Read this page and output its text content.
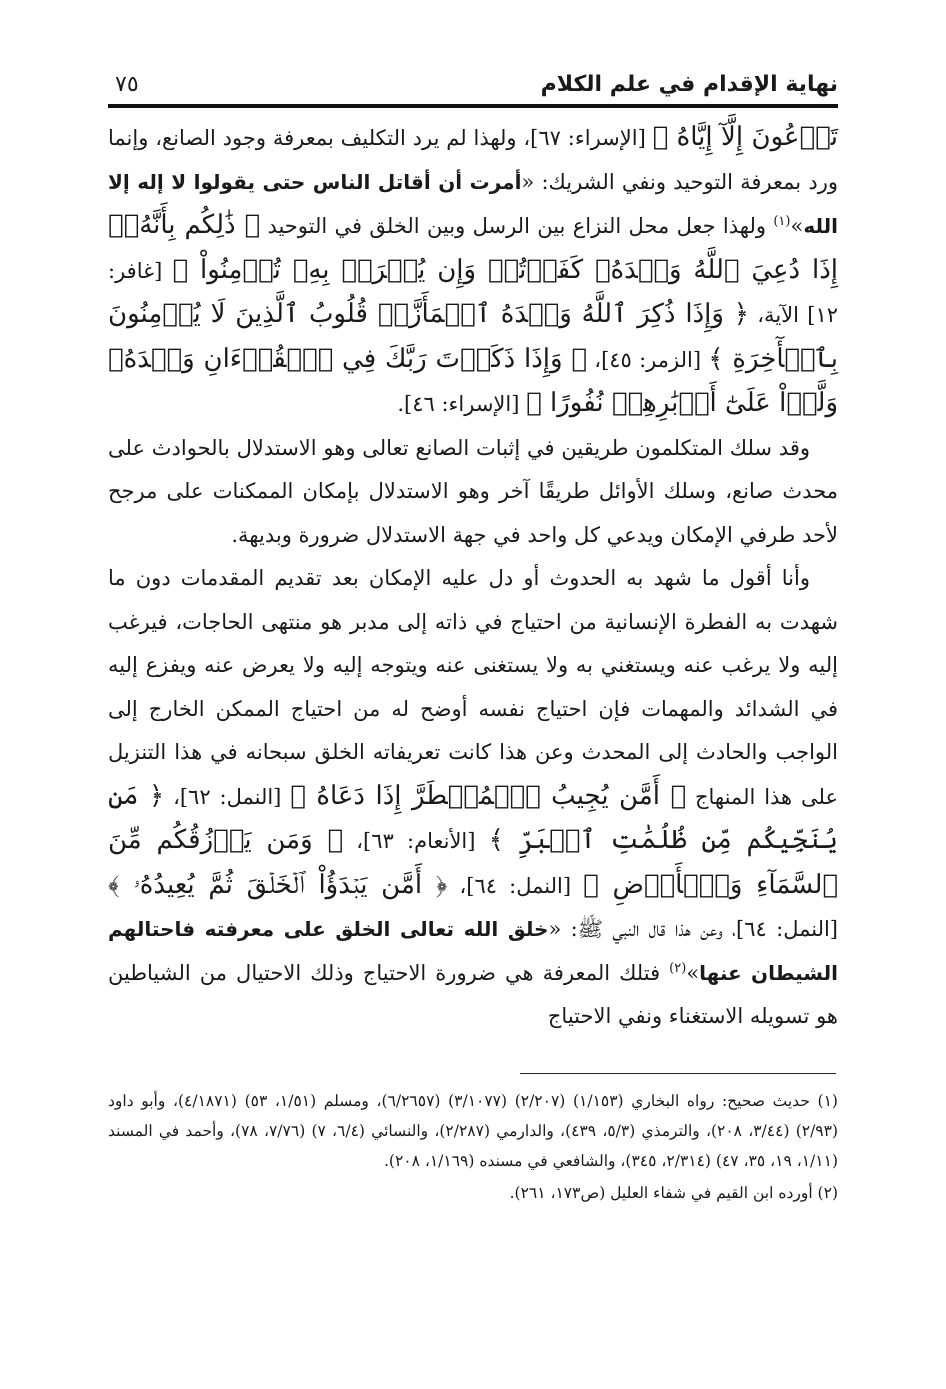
نهاية الإقدام في علم الكلام
٧٥

تَدۡعُونَ إِلَّآ إِيَّاهُ ﴾ [الإسراء: ٦٧]، ولهذا لم يرد التكليف بمعرفة وجود الصانع، وإنما ورد بمعرفة التوحيد ونفي الشريك: «أمرت أن أقاتل الناس حتى يقولوا لا إله إلا الله»$^{(١)}$ ولهذا جعل محل النزاع بين الرسل وبين الخلق في التوحيد ﴿ ذَٰلِكُم بِأَنَّهُۥٓ إِذَا دُعِيَ ٱللَّهُ وَحۡدَهُۥ كَفَرۡتُمۡ وَإِن يُشۡرَكۡ بِهِۦ تُؤۡمِنُواْ ﴾ [غافر: ١٢] الآية، ﴿ وَإِذَا ذُكِرَ ٱللَّهُ وَحۡدَهُ ٱشۡمَأَزَّتۡ قُلُوبُ ٱلَّذِينَ لَا يُؤۡمِنُونَ بِٱلۡأٓخِرَةِ ﴾ [الزمر: ٤٥]، ﴿ وَإِذَا ذَكَرۡتَ رَبَّكَ فِي ٱلۡقُرۡءَانِ وَحۡدَهُۥ وَلَّوۡاْ عَلَىٰٓ أَدۡبَٰرِهِمۡ نُفُورًا ﴾ [الإسراء: ٤٦].

وقد سلك المتكلمون طريقين في إثبات الصانع تعالى وهو الاستدلال بالحوادث على محدث صانع، وسلك الأوائل طريقًا آخر وهو الاستدلال بإمكان الممكنات على مرجح لأحد طرفي الإمكان ويدعي كل واحد في جهة الاستدلال ضرورة وبديهة.

وأنا أقول ما شهد به الحدوث أو دل عليه الإمكان بعد تقديم المقدمات دون ما شهدت به الفطرة الإنسانية من احتياج في ذاته إلى مدبر هو منتهى الحاجات، فيرغب إليه ولا يرغب عنه ويستغني به ولا يستغنى عنه ويتوجه إليه ولا يعرض عنه ويفزع إليه في الشدائد والمهمات فإن احتياج نفسه أوضح له من احتياج الممكن الخارج إلى الواجب والحادث إلى المحدث وعن هذا كانت تعريفاته الخلق سبحانه في هذا التنزيل على هذا المنهاج ﴿ أَمَّن يُجِيبُ ٱلۡمُضۡطَرَّ إِذَا دَعَاهُ ﴾ [النمل: ٦٢]، ﴿ مَن يُنَجِّيكُم مِّن ظُلُمَٰتِ ٱلۡبَرِّ ﴾ [الأنعام: ٦٣]، ﴿ وَمَن يَرۡزُقُكُم مِّنَ ٱلسَّمَآءِ وَٱلۡأَرۡضِ ﴾ [النمل: ٦٤]، ﴿ أَمَّن يَبۡدَؤُاْ ٱلۡخَلۡقَ ثُمَّ يُعِيدُهُۥ ﴾ [النمل: ٦٤]، وعن هذا قال النبي ﷺ: «خلق الله تعالى الخلق على معرفته فاحتالهم الشيطان عنها»$^{(٢)}$ فتلك المعرفة هي ضرورة الاحتياج وذلك الاحتيال من الشياطين هو تسويله الاستغناء ونفي الاحتياج

(١) حديث صحيح: رواه البخاري (١/١٥٣) (٢/٢٠٧) (٣/١٠٧٧) (٦/٢٦٥٧)، ومسلم (١/٥١، ٥٣) (٤/١٨٧١)، وأبو داود (٢/٩٣) (٣/٤٤، ٢٠٨)، والترمذي (٥/٣، ٤٣٩)، والدارمي (٢/٢٨٧)، والنسائي (٦/٤، ٧) (٧/٧٦، ٧٨)، وأحمد في المسند (١/١١، ١٩، ٣٥، ٤٧) (٢/٣١٤، ٣٤٥)، والشافعي في مسنده (١/١٦٩، ٢٠٨).

(٢) أورده ابن القيم في شفاء العليل (ص١٧٣، ٢٦١).
